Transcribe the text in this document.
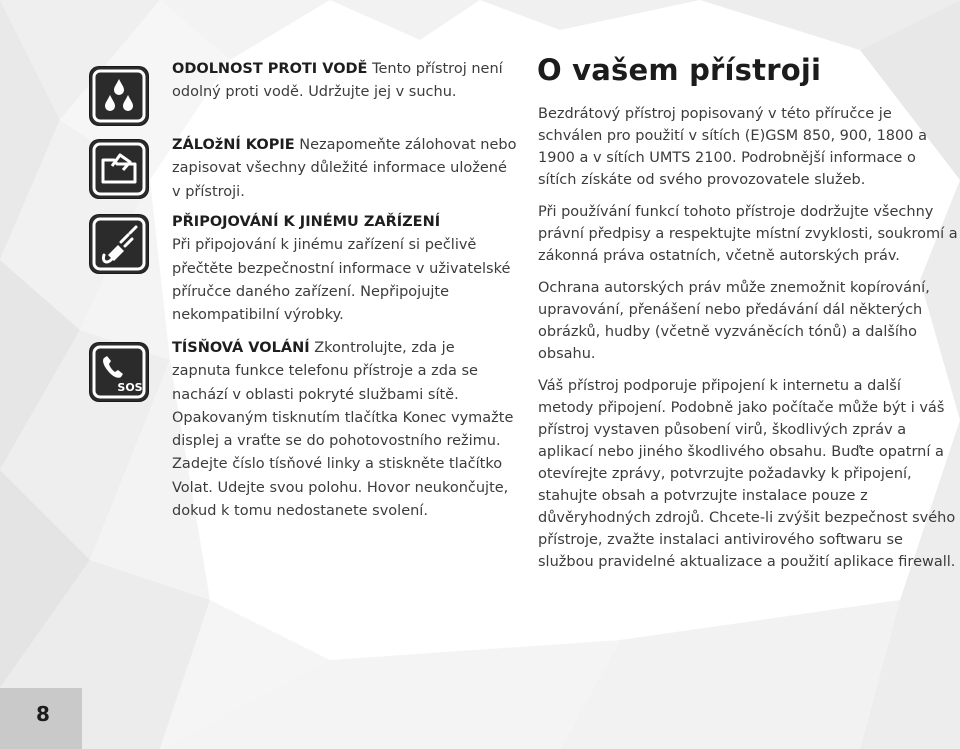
SOS

ODOLNOST PROTI VODĚ Tento přístroj není odolný proti vodě. Udržujte jej v suchu.

ZÁLOžNÍ KOPIE Nezapomeňte zálohovat nebo zapisovat všechny důležité informace uložené v přístroji.

PŘIPOJOVÁNÍ K JINÉMU ZAŘÍZENÍ

Při připojování k jinému zařízení si pečlivě přečtěte bezpečnostní informace v uživatelské příručce daného zařízení. Nepřipojujte nekompatibilní výrobky.

TÍSŇOVÁ VOLÁNÍ Zkontrolujte, zda je zapnuta funkce telefonu přístroje a zda se nachází v oblasti pokryté službami sítě. Opakovaným tisknutím tlačítka Konec vymažte displej a vraťte se do pohotovostního režimu. Zadejte číslo tísňové linky a stiskněte tlačítko Volat. Udejte svou polohu. Hovor neukončujte, dokud k tomu nedostanete svolení.

O vašem přístroji

Bezdrátový přístroj popisovaný v této příručce je schválen pro použití v sítích (E)GSM 850, 900, 1800 a 1900 a v sítích UMTS 2100. Podrobnější informace o sítích získáte od svého provozovatele služeb.

Při používání funkcí tohoto přístroje dodržujte všechny právní předpisy a respektujte místní zvyklosti, soukromí a zákonná práva ostatních, včetně autorských práv.

Ochrana autorských práv může znemožnit kopírování, upravování, přenášení nebo předávání dál některých obrázků, hudby (včetně vyzváněcích tónů) a dalšího obsahu.

Váš přístroj podporuje připojení k internetu a další metody připojení. Podobně jako počítače může být i váš přístroj vystaven působení virů, škodlivých zpráv a aplikací nebo jiného škodlivého obsahu. Buďte opatrní a otevírejte zprávy, potvrzujte požadavky k připojení, stahujte obsah a potvrzujte instalace pouze z důvěryhodných zdrojů. Chcete-li zvýšit bezpečnost svého přístroje, zvažte instalaci antivirového softwaru se službou pravidelné aktualizace a použití aplikace firewall.

8
